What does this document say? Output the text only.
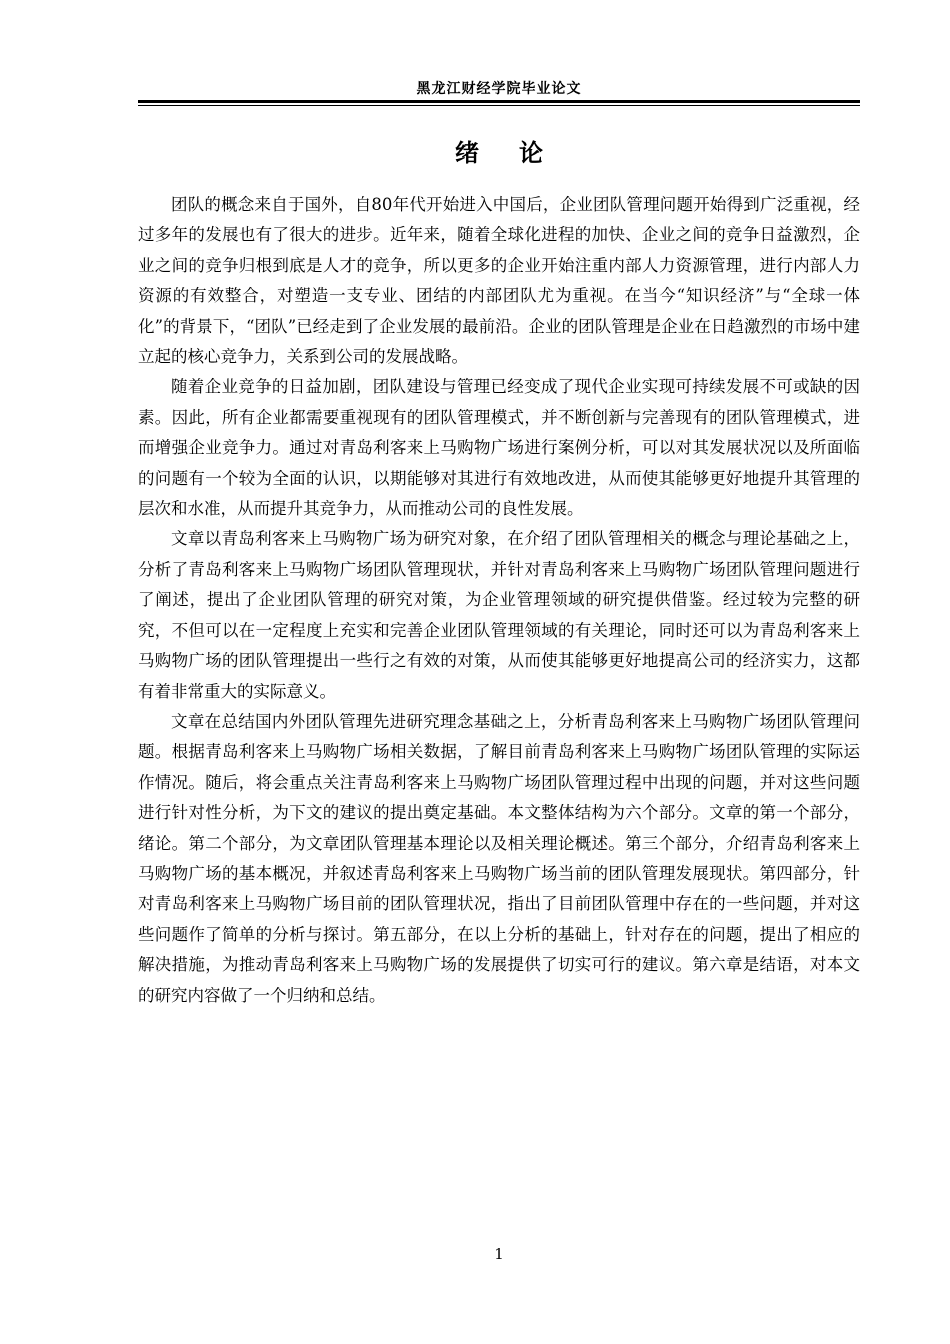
黑龙江财经学院毕业论文
绪论

团队的概念来自于国外，自80年代开始进入中国后，企业团队管理问题开始得到广泛重视，经过多年的发展也有了很大的进步。近年来，随着全球化进程的加快、企业之间的竞争日益激烈，企业之间的竞争归根到底是人才的竞争，所以更多的企业开始注重内部人力资源管理，进行内部人力资源的有效整合，对塑造一支专业、团结的内部团队尤为重视。在当今“知识经济”与“全球一体化”的背景下，“团队”已经走到了企业发展的最前沿。企业的团队管理是企业在日趋激烈的市场中建立起的核心竞争力，关系到公司的发展战略。

随着企业竞争的日益加剧，团队建设与管理已经变成了现代企业实现可持续发展不可或缺的因素。因此，所有企业都需要重视现有的团队管理模式，并不断创新与完善现有的团队管理模式，进而增强企业竞争力。通过对青岛利客来上马购物广场进行案例分析，可以对其发展状况以及所面临的问题有一个较为全面的认识，以期能够对其进行有效地改进，从而使其能够更好地提升其管理的层次和水准，从而提升其竞争力，从而推动公司的良性发展。

文章以青岛利客来上马购物广场为研究对象，在介绍了团队管理相关的概念与理论基础之上，分析了青岛利客来上马购物广场团队管理现状，并针对青岛利客来上马购物广场团队管理问题进行了阐述，提出了企业团队管理的研究对策，为企业管理领域的研究提供借鉴。经过较为完整的研究，不但可以在一定程度上充实和完善企业团队管理领域的有关理论，同时还可以为青岛利客来上马购物广场的团队管理提出一些行之有效的对策，从而使其能够更好地提高公司的经济实力，这都有着非常重大的实际意义。

文章在总结国内外团队管理先进研究理念基础之上，分析青岛利客来上马购物广场团队管理问题。根据青岛利客来上马购物广场相关数据，了解目前青岛利客来上马购物广场团队管理的实际运作情况。随后，将会重点关注青岛利客来上马购物广场团队管理过程中出现的问题，并对这些问题进行针对性分析，为下文的建议的提出奠定基础。本文整体结构为六个部分。文章的第一个部分，绪论。第二个部分，为文章团队管理基本理论以及相关理论概述。第三个部分，介绍青岛利客来上马购物广场的基本概况，并叙述青岛利客来上马购物广场当前的团队管理发展现状。第四部分，针对青岛利客来上马购物广场目前的团队管理状况，指出了目前团队管理中存在的一些问题，并对这些问题作了简单的分析与探讨。第五部分，在以上分析的基础上，针对存在的问题，提出了相应的解决措施，为推动青岛利客来上马购物广场的发展提供了切实可行的建议。第六章是结语，对本文的研究内容做了一个归纳和总结。

1
